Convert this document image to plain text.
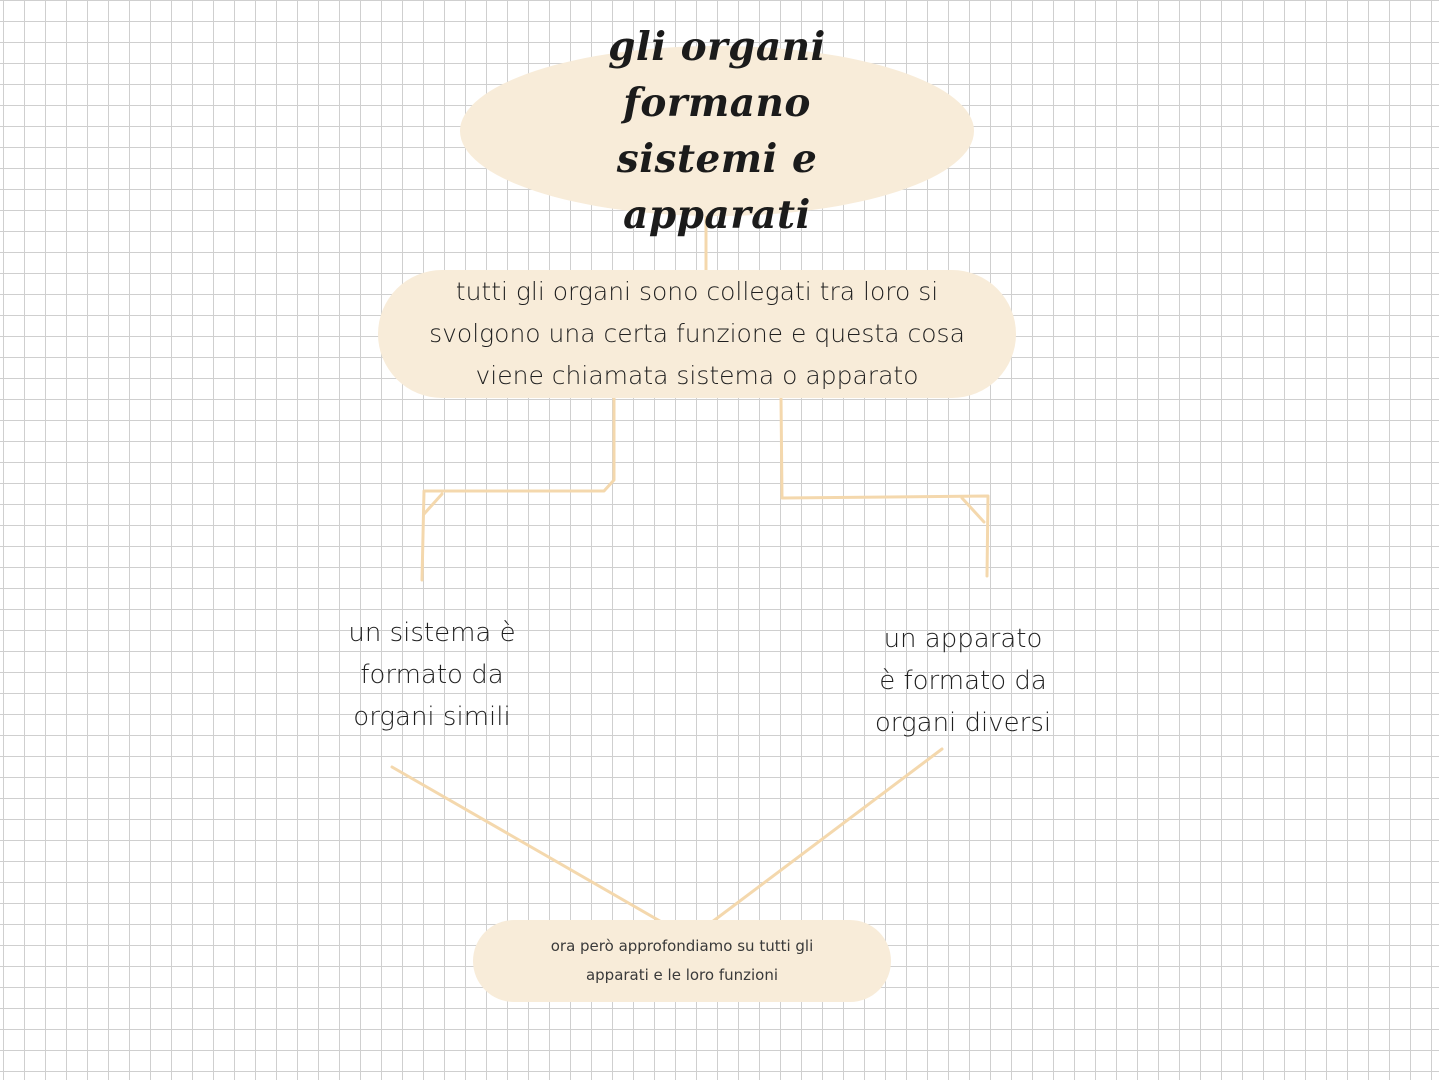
gli organi formano
sistemi e apparati
tutti gli organi sono collegati tra loro si
svolgono una certa funzione e questa cosa
viene chiamata sistema o apparato
un sistema è
formato da
organi simili
un apparato
è formato da
organi diversi
ora però approfondiamo su tutti gli
apparati e le loro funzioni
